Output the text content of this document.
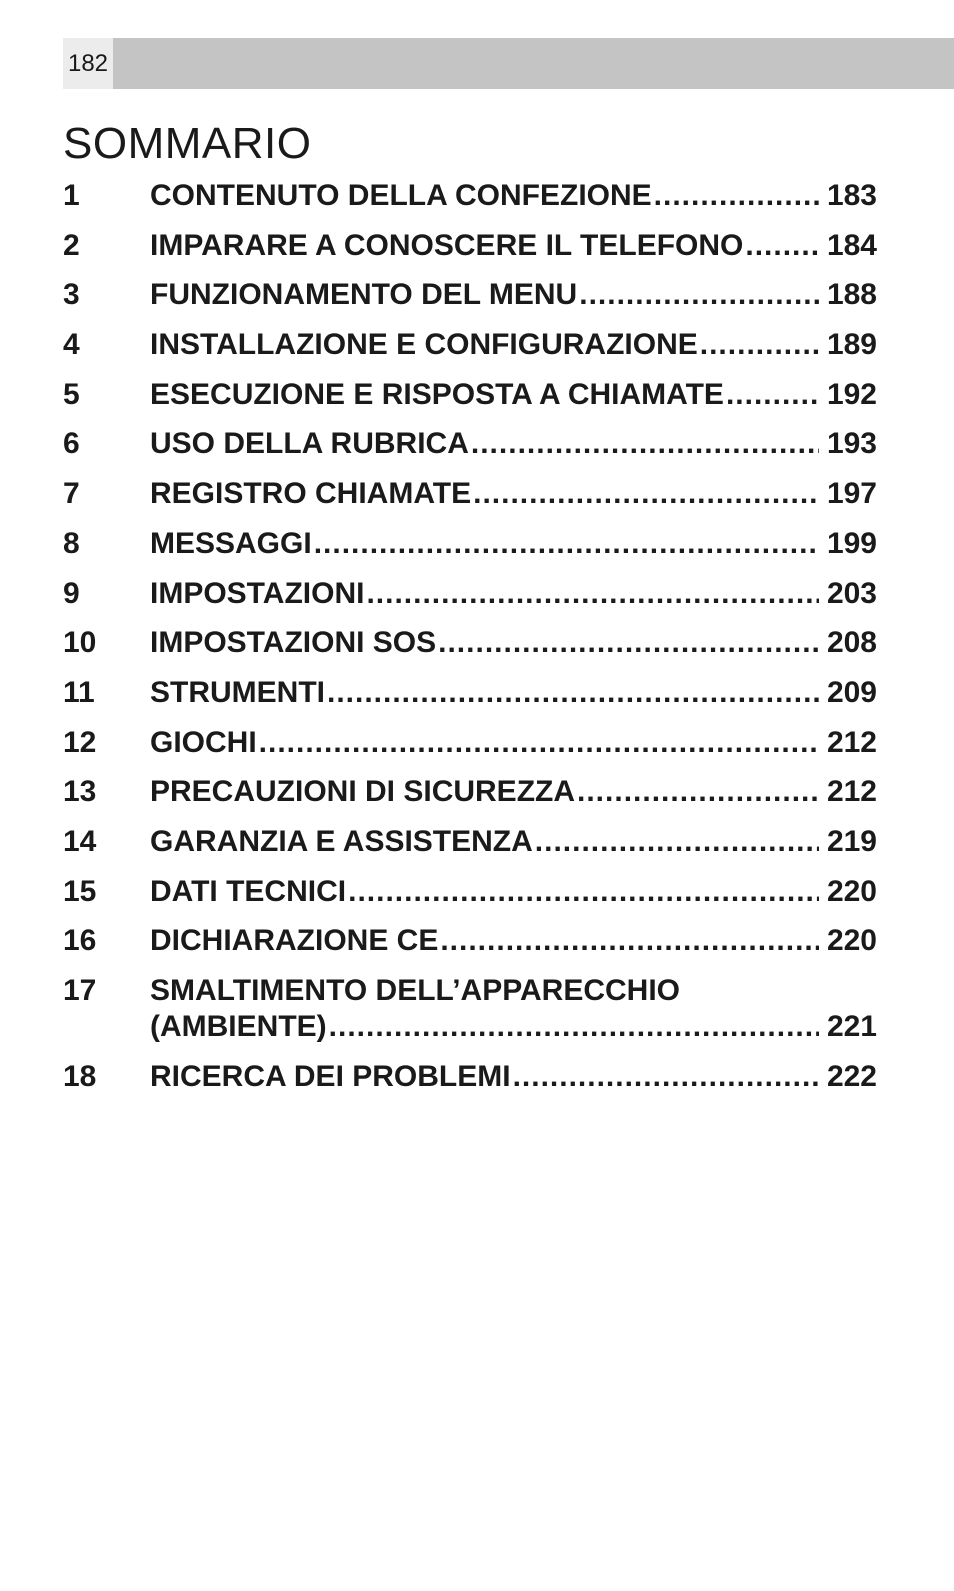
182
SOMMARIO
1	CONTENUTO DELLA CONFEZIONE .....	183
2	IMPARARE A CONOSCERE IL TELEFONO .....	184
3	FUNZIONAMENTO DEL MENU .....	188
4	INSTALLAZIONE E CONFIGURAZIONE .....	189
5	ESECUZIONE E RISPOSTA A CHIAMATE .....	192
6	USO DELLA RUBRICA .....	193
7	REGISTRO CHIAMATE .....	197
8	MESSAGGI .....	199
9	IMPOSTAZIONI .....	203
10	IMPOSTAZIONI SOS .....	208
11	STRUMENTI .....	209
12	GIOCHI .....	212
13	PRECAUZIONI DI SICUREZZA .....	212
14	GARANZIA E ASSISTENZA .....	219
15	DATI TECNICI .....	220
16	DICHIARAZIONE CE .....	220
17	SMALTIMENTO DELL’APPARECCHIO
(AMBIENTE) .....	221
18	RICERCA DEI PROBLEMI .....	222
